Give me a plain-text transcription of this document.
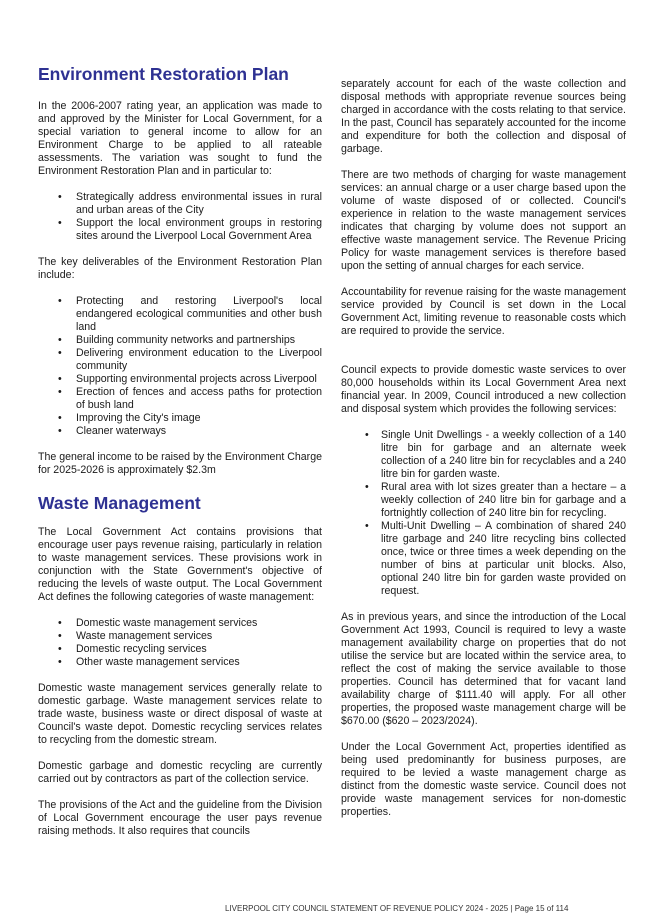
Environment Restoration Plan

In the 2006-2007 rating year, an application was made to and approved by the Minister for Local Government, for a special variation to general income to allow for an Environment Charge to be applied to all rateable assessments. The variation was sought to fund the Environment Restoration Plan and in particular to:

• Strategically address environmental issues in rural and urban areas of the City
• Support the local environment groups in restoring sites around the Liverpool Local Government Area

The key deliverables of the Environment Restoration Plan include:

• Protecting and restoring Liverpool's local endangered ecological communities and other bush land
• Building community networks and partnerships
• Delivering environment education to the Liverpool community
• Supporting environmental projects across Liverpool
• Erection of fences and access paths for protection of bush land
• Improving the City's image
• Cleaner waterways

The general income to be raised by the Environment Charge for 2025-2026 is approximately $2.3m

Waste Management

The Local Government Act contains provisions that encourage user pays revenue raising, particularly in relation to waste management services. These provisions work in conjunction with the State Government's objective of reducing the levels of waste output. The Local Government Act defines the following categories of waste management:

• Domestic waste management services
• Waste management services
• Domestic recycling services
• Other waste management services

Domestic waste management services generally relate to domestic garbage. Waste management services relate to trade waste, business waste or direct disposal of waste at Council's waste depot. Domestic recycling services relates to recycling from the domestic stream.

Domestic garbage and domestic recycling are currently carried out by contractors as part of the collection service.

The provisions of the Act and the guideline from the Division of Local Government encourage the user pays revenue raising methods. It also requires that councils

separately account for each of the waste collection and disposal methods with appropriate revenue sources being charged in accordance with the costs relating to that service. In the past, Council has separately accounted for the income and expenditure for both the collection and disposal of garbage.

There are two methods of charging for waste management services: an annual charge or a user charge based upon the volume of waste disposed of or collected. Council's experience in relation to the waste management services indicates that charging by volume does not support an effective waste management service. The Revenue Pricing Policy for waste management services is therefore based upon the setting of annual charges for each service.

Accountability for revenue raising for the waste management service provided by Council is set down in the Local Government Act, limiting revenue to reasonable costs which are required to provide the service.

Council expects to provide domestic waste services to over 80,000 households within its Local Government Area next financial year. In 2009, Council introduced a new collection and disposal system which provides the following services:

• Single Unit Dwellings - a weekly collection of a 140 litre bin for garbage and an alternate week collection of a 240 litre bin for recyclables and a 240 litre bin for garden waste.
• Rural area with lot sizes greater than a hectare – a weekly collection of 240 litre bin for garbage and a fortnightly collection of 240 litre bin for recycling.
• Multi-Unit Dwelling – A combination of shared 240 litre garbage and 240 litre recycling bins collected once, twice or three times a week depending on the number of bins at particular unit blocks. Also, optional 240 litre bin for garden waste provided on request.

As in previous years, and since the introduction of the Local Government Act 1993, Council is required to levy a waste management availability charge on properties that do not utilise the service but are located within the service area, to reflect the cost of making the service available to those properties. Council has determined that for vacant land availability charge of $111.40 will apply. For all other properties, the proposed waste management charge will be $670.00 ($620 – 2023/2024).

Under the Local Government Act, properties identified as being used predominantly for business purposes, are required to be levied a waste management charge as distinct from the domestic waste service. Council does not provide waste management services for non-domestic properties.

LIVERPOOL CITY COUNCIL STATEMENT OF REVENUE POLICY 2024 - 2025 | Page 15 of 114
